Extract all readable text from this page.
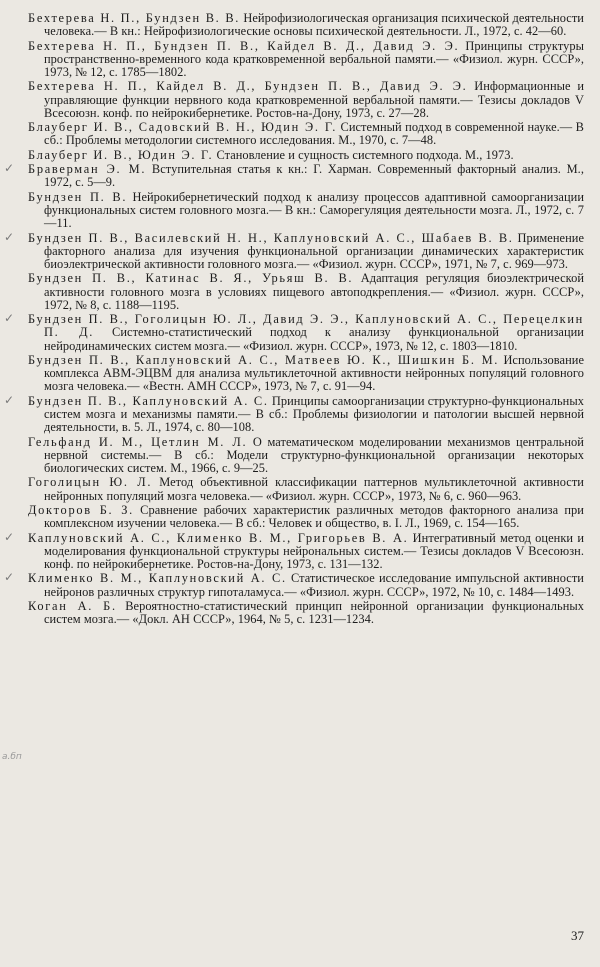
а.бп
Бехтерева Н. П., Бундзен В. В. Нейрофизиологическая организация психической деятельности человека.— В кн.: Нейрофизиологические основы психической деятельности. Л., 1972, с. 42—60.
Бехтерева Н. П., Бундзен П. В., Кайдел В. Д., Давид Э. Э. Принципы структуры пространственно-временного кода кратковременной вербальной памяти.— «Физиол. журн. СССР», 1973, № 12, с. 1785—1802.
Бехтерева Н. П., Кайдел В. Д., Бундзен П. В., Давид Э. Э. Информационные и управляющие функции нервного кода кратковременной вербальной памяти.— Тезисы докладов V Всесоюзн. конф. по нейрокибернетике. Ростов-на-Дону, 1973, с. 27—28.
Блауберг И. В., Садовский В. Н., Юдин Э. Г. Системный подход в современной науке.— В сб.: Проблемы методологии системного исследования. М., 1970, с. 7—48.
Блауберг И. В., Юдин Э. Г. Становление и сущность системного подхода. М., 1973.
✓ Браверман Э. М. Вступительная статья к кн.: Г. Харман. Современный факторный анализ. М., 1972, с. 5—9.
Бундзен П. В. Нейрокибернетический подход к анализу процессов адаптивной самоорганизации функциональных систем головного мозга.— В кн.: Саморегуляция деятельности мозга. Л., 1972, с. 7—11.
✓ Бундзен П. В., Василевский Н. Н., Каплуновский А. С., Шабаев В. В. Применение факторного анализа для изучения функциональной организации динамических характеристик биоэлектрической активности головного мозга.— «Физиол. журн. СССР», 1971, № 7, с. 969—973.
Бундзен П. В., Катинас В. Я., Урьяш В. В. Адаптация регуляция биоэлектрической активности головного мозга в условиях пищевого автоподкрепления.— «Физиол. журн. СССР», 1972, № 8, с. 1188—1195.
✓ Бундзен П. В., Гоголицын Ю. Л., Давид Э. Э., Каплуновский А. С., Перецелкин П. Д. Системно-статистический подход к анализу функциональной организации нейродинамических систем мозга.— «Физиол. журн. СССР», 1973, № 12, с. 1803—1810.
Бундзен П. В., Каплуновский А. С., Матвеев Ю. К., Шишкин Б. М. Использование комплекса АВМ-ЭЦВМ для анализа мультиклеточной активности нейронных популяций головного мозга человека.— «Вестн. АМН СССР», 1973, № 7, с. 91—94.
✓ Бундзен П. В., Каплуновский А. С. Принципы самоорганизации структурно-функциональных систем мозга и механизмы памяти.— В сб.: Проблемы физиологии и патологии высшей нервной деятельности, в. 5. Л., 1974, с. 80—108.
Гельфанд И. М., Цетлин М. Л. О математическом моделировании механизмов центральной нервной системы.— В сб.: Модели структурно-функциональной организации некоторых биологических систем. М., 1966, с. 9—25.
Гоголицын Ю. Л. Метод объективной классификации паттернов мультиклеточной активности нейронных популяций мозга человека.— «Физиол. журн. СССР», 1973, № 6, с. 960—963.
Докторов Б. З. Сравнение рабочих характеристик различных методов факторного анализа при комплексном изучении человека.— В сб.: Человек и общество, в. I. Л., 1969, с. 154—165.
✓ Каплуновский А. С., Клименко В. М., Григорьев В. А. Интегративный метод оценки и моделирования функциональной структуры нейрональных систем.— Тезисы докладов V Всесоюзн. конф. по нейрокибернетике. Ростов-на-Дону, 1973, с. 131—132.
✓ Клименко В. М., Каплуновский А. С. Статистическое исследование импульсной активности нейронов различных структур гипоталамуса.— «Физиол. журн. СССР», 1972, № 10, с. 1484—1493.
Коган А. Б. Вероятностно-статистический принцип нейронной организации функциональных систем мозга.— «Докл. АН СССР», 1964, № 5, с. 1231—1234.
37
